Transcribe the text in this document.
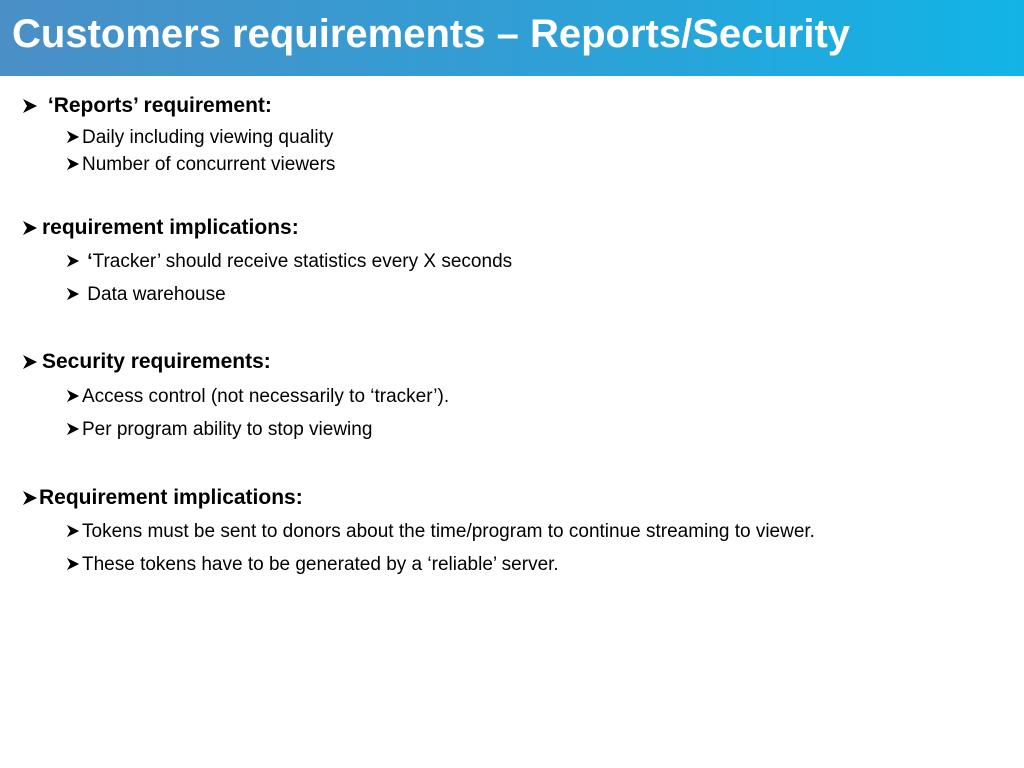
Customers requirements – Reports/Security
‘Reports’ requirement:
Daily including viewing quality
Number of concurrent viewers
requirement implications:
‘Tracker’ should receive statistics every X seconds
Data warehouse
Security requirements:
Access control (not necessarily to ‘tracker’).
Per program ability to stop viewing
Requirement implications:
Tokens must be sent to donors about the time/program to continue streaming to viewer.
These tokens have to be generated by a ‘reliable’ server.
